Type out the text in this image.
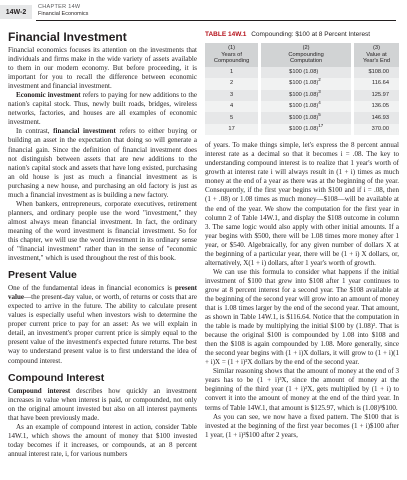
14W-2
CHAPTER 14W
Financial Economics
Financial Investment

Financial economics focuses its attention on the investments that individuals and firms make in the wide variety of assets available to them in our modern economy. But before proceeding, it is important for you to recall the difference between economic investment and financial investment.

Economic investment refers to paying for new additions to the nation's capital stock. Thus, newly built roads, bridges, wireless networks, factories, and houses are all examples of economic investment.

In contrast, financial investment refers to either buying or building an asset in the expectation that doing so will generate a financial gain. Since the definition of financial investment does not distinguish between assets that are new additions to the nation's capital stock and assets that have long existed, purchasing an old house is just as much a financial investment as is purchasing a new house, and purchasing an old factory is just as much a financial investment as is building a new factory.

When bankers, entrepreneurs, corporate executives, retirement planners, and ordinary people use the word "investment," they almost always mean financial investment. In fact, the ordinary meaning of the word investment is financial investment. So for this chapter, we will use the word investment in its ordinary sense of "financial investment" rather than in the sense of "economic investment," which is used throughout the rest of this book.

Present Value

One of the fundamental ideas in financial economics is present value—the present-day value, or worth, of returns or costs that are expected to arrive in the future. The ability to calculate present values is especially useful when investors wish to determine the proper current price to pay for an asset: As we will explain in detail, an investment's proper current price is simply equal to the present value of the investment's expected future returns. The best way to understand present value is to first understand the idea of compound interest.

Compound Interest

Compound interest describes how quickly an investment increases in value when interest is paid, or compounded, not only on the original amount invested but also on all interest payments that have been previously made.

As an example of compound interest in action, consider Table 14W.1, which shows the amount of money that $100 invested today becomes if it increases, or compounds, at an 8 percent annual interest rate, i, for various numbers

TABLE 14W.1 Compounding: $100 at 8 Percent Interest
(1)
Years of
Compounding	(2)
Compounding
Computation	(3)
Value at
Year's End
1	$100 (1.08)	$108.00
2	$100 $(1.08)^2$	116.64
3	$100 $(1.08)^3$	125.97
4	$100 $(1.08)^4$	136.05
5	$100 $(1.08)^5$	146.93
17	$100 $(1.08)^{17}$	370.00

of years. To make things simple, let's express the 8 percent annual interest rate as a decimal so that it becomes i = .08. The key to understanding compound interest is to realize that 1 year's worth of growth at interest rate i will always result in (1 + i) times as much money at the end of a year as there was at the beginning of the year. Consequently, if the first year begins with $100 and if i = .08, then (1 + .08) or 1.08 times as much money—$108—will be available at the end of the year. We show the computation for the first year in column 2 of Table 14W.1, and display the $108 outcome in column 3. The same logic would also apply with other initial amounts. If a year begins with $500, there will be 1.08 times more money after 1 year, or $540. Algebraically, for any given number of dollars X at the beginning of a particular year, there will be (1 + i) X dollars, or, alternatively, X(1 + i) dollars, after 1 year's worth of growth.

We can use this formula to consider what happens if the initial investment of $100 that grew into $108 after 1 year continues to grow at 8 percent interest for a second year. The $108 available at the beginning of the second year will grow into an amount of money that is 1.08 times larger by the end of the second year. That amount, as shown in Table 14W.1, is $116.64. Notice that the computation in the table is made by multiplying the initial $100 by (1.08)². That is because the original $100 is compounded by 1.08 into $108 and then the $108 is again compounded by 1.08. More generally, since the second year begins with (1 + i)X dollars, it will grow to (1 + i)(1 + i)X = (1 + i)²X dollars by the end of the second year.

Similar reasoning shows that the amount of money at the end of 3 years has to be (1 + i)³X, since the amount of money at the beginning of the third year (1 + i)²X, gets multiplied by (1 + i) to convert it into the amount of money at the end of the third year. In terms of Table 14W.1, that amount is $125.97, which is (1.08)³$100.

As you can see, we now have a fixed pattern. The $100 that is invested at the beginning of the first year becomes (1 + i)$100 after 1 year, (1 + i)²$100 after 2 years,
